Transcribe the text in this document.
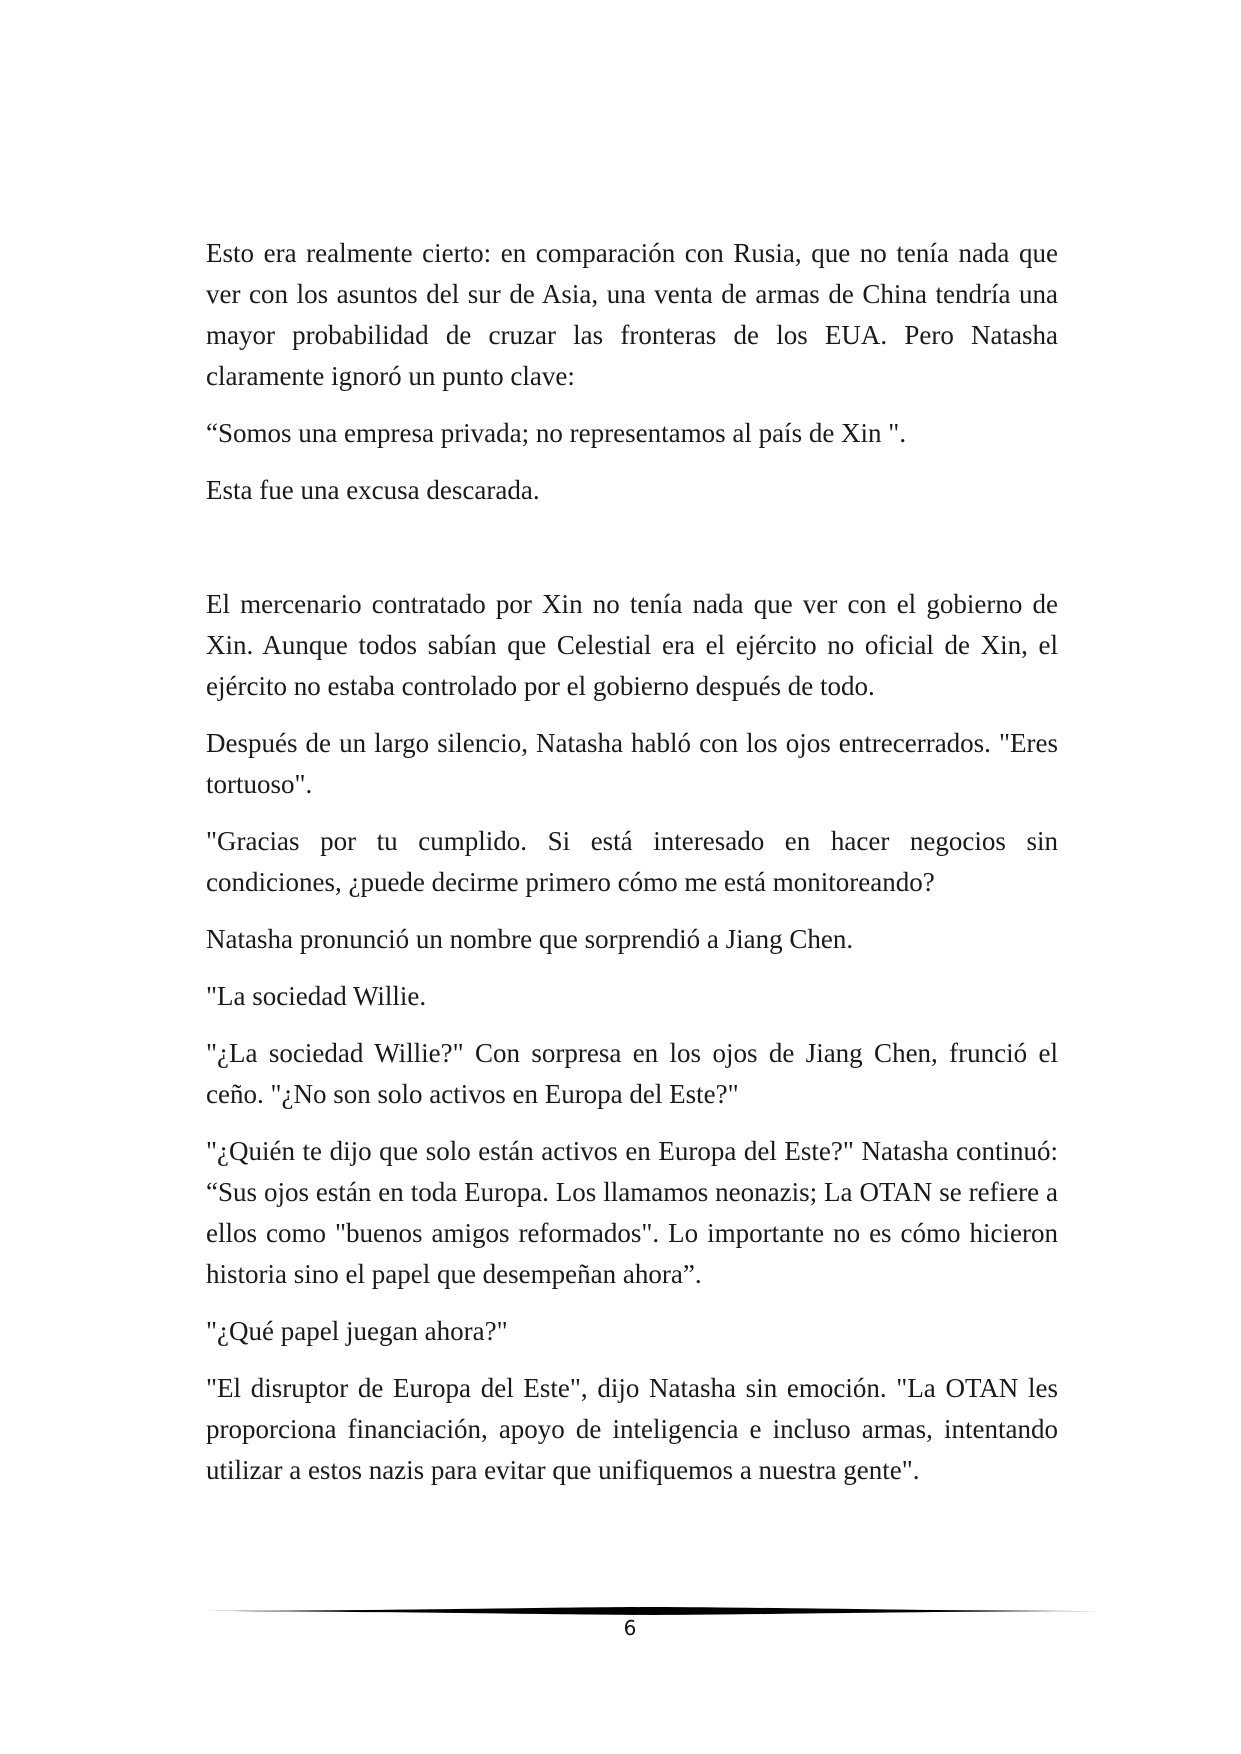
Esto era realmente cierto: en comparación con Rusia, que no tenía nada que ver con los asuntos del sur de Asia, una venta de armas de China tendría una mayor probabilidad de cruzar las fronteras de los EUA. Pero Natasha claramente ignoró un punto clave:

“Somos una empresa privada; no representamos al país de Xin ".

Esta fue una excusa descarada.

El mercenario contratado por Xin no tenía nada que ver con el gobierno de Xin. Aunque todos sabían que Celestial era el ejército no oficial de Xin, el ejército no estaba controlado por el gobierno después de todo.

Después de un largo silencio, Natasha habló con los ojos entrecerrados. "Eres tortuoso".

"Gracias por tu cumplido. Si está interesado en hacer negocios sin condiciones, ¿puede decirme primero cómo me está monitoreando?

Natasha pronunció un nombre que sorprendió a Jiang Chen.

"La sociedad Willie.

"¿La sociedad Willie?" Con sorpresa en los ojos de Jiang Chen, frunció el ceño. "¿No son solo activos en Europa del Este?"

"¿Quién te dijo que solo están activos en Europa del Este?" Natasha continuó: “Sus ojos están en toda Europa. Los llamamos neonazis; La OTAN se refiere a ellos como "buenos amigos reformados". Lo importante no es cómo hicieron historia sino el papel que desempeñan ahora”.

"¿Qué papel juegan ahora?"

"El disruptor de Europa del Este", dijo Natasha sin emoción. "La OTAN les proporciona financiación, apoyo de inteligencia e incluso armas, intentando utilizar a estos nazis para evitar que unifiquemos a nuestra gente".

6
